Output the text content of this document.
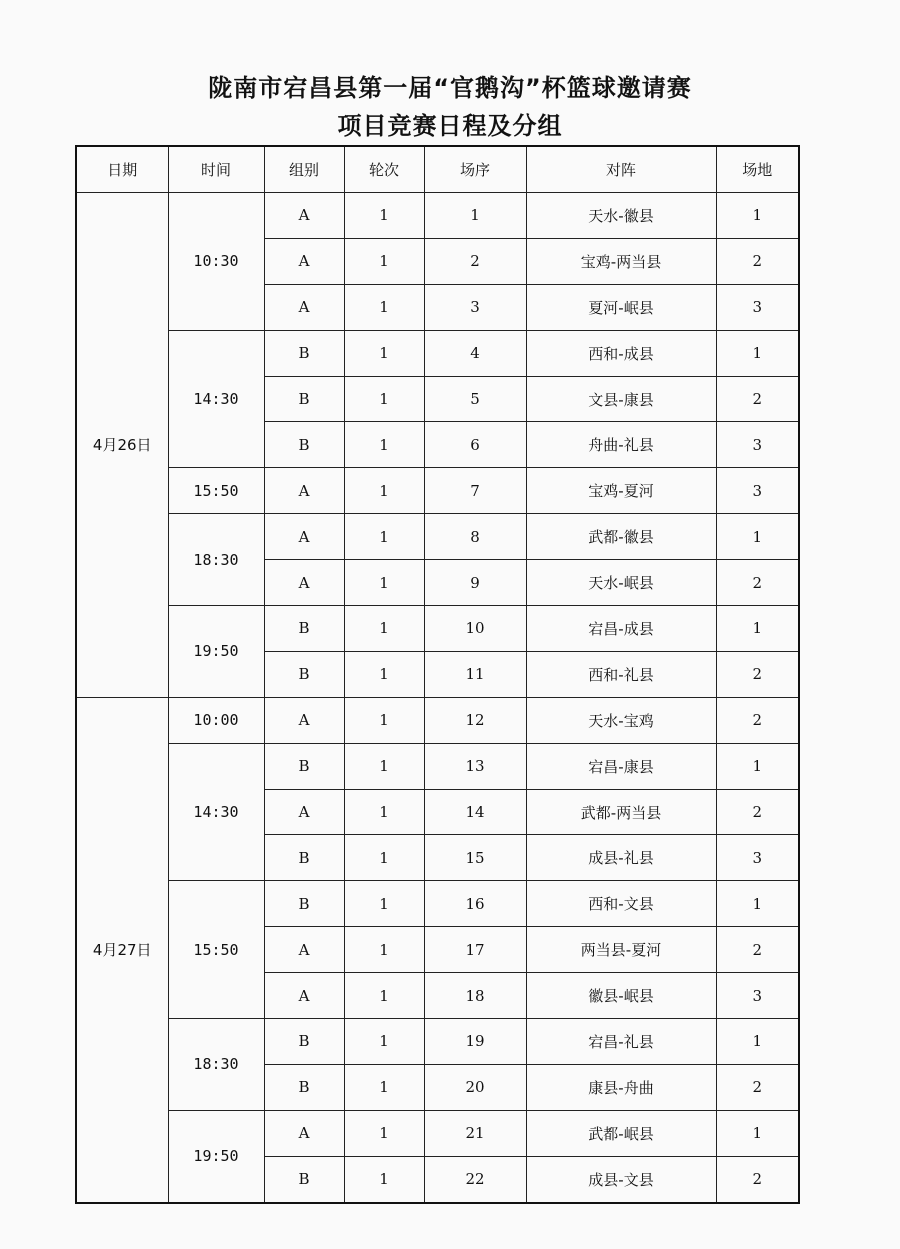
陇南市宕昌县第一届“官鹅沟”杯篮球邀请赛
项目竞赛日程及分组
日期	时间	组别	轮次	场序	对阵	场地
4月26日	10:30	A	1	1	天水-徽县	1
		A	1	2	宝鸡-两当县	2
		A	1	3	夏河-岷县	3
	14:30	B	1	4	西和-成县	1
		B	1	5	文县-康县	2
		B	1	6	舟曲-礼县	3
	15:50	A	1	7	宝鸡-夏河	3
	18:30	A	1	8	武都-徽县	1
		A	1	9	天水-岷县	2
	19:50	B	1	10	宕昌-成县	1
		B	1	11	西和-礼县	2
4月27日	10:00	A	1	12	天水-宝鸡	2
	14:30	B	1	13	宕昌-康县	1
		A	1	14	武都-两当县	2
		B	1	15	成县-礼县	3
	15:50	B	1	16	西和-文县	1
		A	1	17	两当县-夏河	2
		A	1	18	徽县-岷县	3
	18:30	B	1	19	宕昌-礼县	1
		B	1	20	康县-舟曲	2
	19:50	A	1	21	武都-岷县	1
		B	1	22	成县-文县	2
